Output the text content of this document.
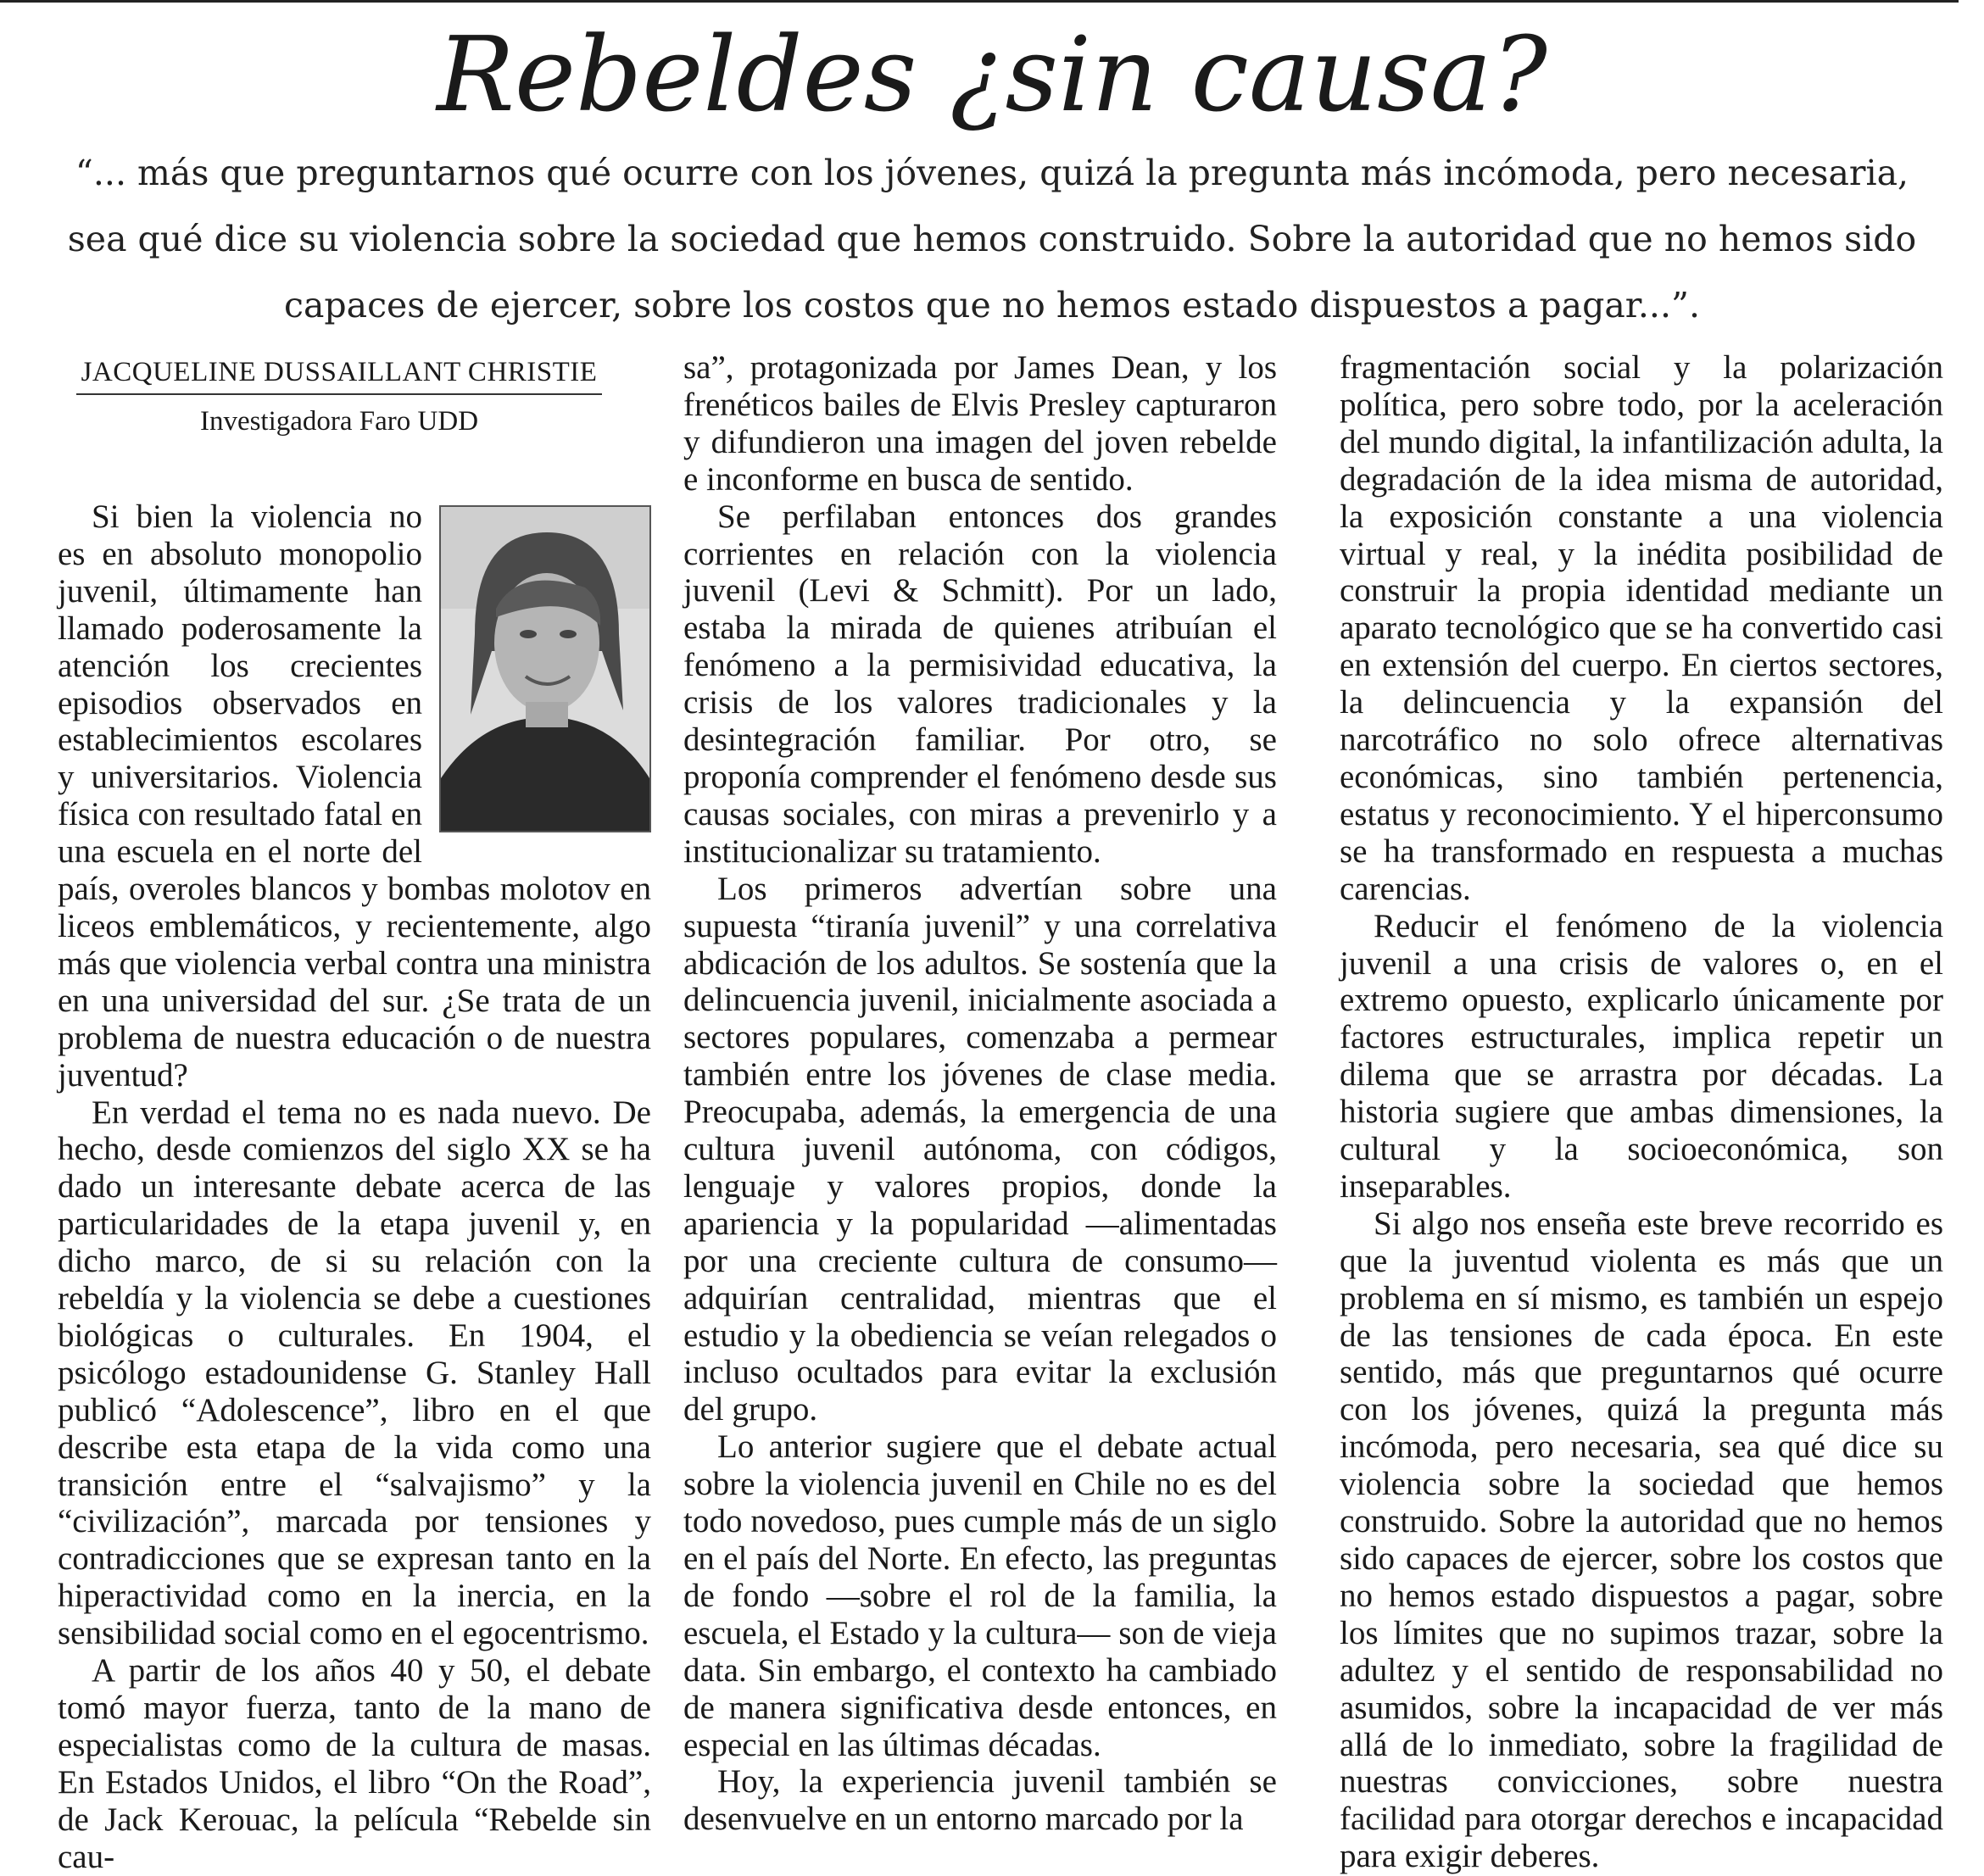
Rebeldes ¿sin causa?

“... más que preguntarnos qué ocurre con los jóvenes, quizá la pregunta más incómoda, pero necesaria, sea qué dice su violencia sobre la sociedad que hemos construido. Sobre la autoridad que no hemos sido capaces de ejercer, sobre los costos que no hemos estado dispuestos a pagar...”.

JACQUELINE DUSSAILLANT CHRISTIE
Investigadora Faro UDD

Si bien la violencia no es en absoluto monopolio juvenil, últimamente han llamado poderosamente la atención los crecientes episodios observados en establecimientos escolares y universitarios. Violencia física con resultado fatal en una escuela en el norte del país, overoles blancos y bombas molotov en liceos emblemáticos, y recientemente, algo más que violencia verbal contra una ministra en una universidad del sur. ¿Se trata de un problema de nuestra educación o de nuestra juventud?

En verdad el tema no es nada nuevo. De hecho, desde comienzos del siglo XX se ha dado un interesante debate acerca de las particularidades de la etapa juvenil y, en dicho marco, de si su relación con la rebeldía y la violencia se debe a cuestiones biológicas o culturales. En 1904, el psicólogo estadounidense G. Stanley Hall publicó “Adolescence”, libro en el que describe esta etapa de la vida como una transición entre el “salvajismo” y la “civilización”, marcada por tensiones y contradicciones que se expresan tanto en la hiperactividad como en la inercia, en la sensibilidad social como en el egocentrismo.

A partir de los años 40 y 50, el debate tomó mayor fuerza, tanto de la mano de especialistas como de la cultura de masas. En Estados Unidos, el libro “On the Road”, de Jack Kerouac, la película “Rebelde sin cau-

sa”, protagonizada por James Dean, y los frenéticos bailes de Elvis Presley capturaron y difundieron una imagen del joven rebelde e inconforme en busca de sentido.

Se perfilaban entonces dos grandes corrientes en relación con la violencia juvenil (Levi & Schmitt). Por un lado, estaba la mirada de quienes atribuían el fenómeno a la permisividad educativa, la crisis de los valores tradicionales y la desintegración familiar. Por otro, se proponía comprender el fenómeno desde sus causas sociales, con miras a prevenirlo y a institucionalizar su tratamiento.

Los primeros advertían sobre una supuesta “tiranía juvenil” y una correlativa abdicación de los adultos. Se sostenía que la delincuencia juvenil, inicialmente asociada a sectores populares, comenzaba a permear también entre los jóvenes de clase media. Preocupaba, además, la emergencia de una cultura juvenil autónoma, con códigos, lenguaje y valores propios, donde la apariencia y la popularidad —alimentadas por una creciente cultura de consumo— adquirían centralidad, mientras que el estudio y la obediencia se veían relegados o incluso ocultados para evitar la exclusión del grupo.

Lo anterior sugiere que el debate actual sobre la violencia juvenil en Chile no es del todo novedoso, pues cumple más de un siglo en el país del Norte. En efecto, las preguntas de fondo —sobre el rol de la familia, la escuela, el Estado y la cultura— son de vieja data. Sin embargo, el contexto ha cambiado de manera significativa desde entonces, en especial en las últimas décadas.

Hoy, la experiencia juvenil también se desenvuelve en un entorno marcado por la

fragmentación social y la polarización política, pero sobre todo, por la aceleración del mundo digital, la infantilización adulta, la degradación de la idea misma de autoridad, la exposición constante a una violencia virtual y real, y la inédita posibilidad de construir la propia identidad mediante un aparato tecnológico que se ha convertido casi en extensión del cuerpo. En ciertos sectores, la delincuencia y la expansión del narcotráfico no solo ofrece alternativas económicas, sino también pertenencia, estatus y reconocimiento. Y el hiperconsumo se ha transformado en respuesta a muchas carencias.

Reducir el fenómeno de la violencia juvenil a una crisis de valores o, en el extremo opuesto, explicarlo únicamente por factores estructurales, implica repetir un dilema que se arrastra por décadas. La historia sugiere que ambas dimensiones, la cultural y la socioeconómica, son inseparables.

Si algo nos enseña este breve recorrido es que la juventud violenta es más que un problema en sí mismo, es también un espejo de las tensiones de cada época. En este sentido, más que preguntarnos qué ocurre con los jóvenes, quizá la pregunta más incómoda, pero necesaria, sea qué dice su violencia sobre la sociedad que hemos construido. Sobre la autoridad que no hemos sido capaces de ejercer, sobre los costos que no hemos estado dispuestos a pagar, sobre los límites que no supimos trazar, sobre la adultez y el sentido de responsabilidad no asumidos, sobre la incapacidad de ver más allá de lo inmediato, sobre la fragilidad de nuestras convicciones, sobre nuestra facilidad para otorgar derechos e incapacidad para exigir deberes.
